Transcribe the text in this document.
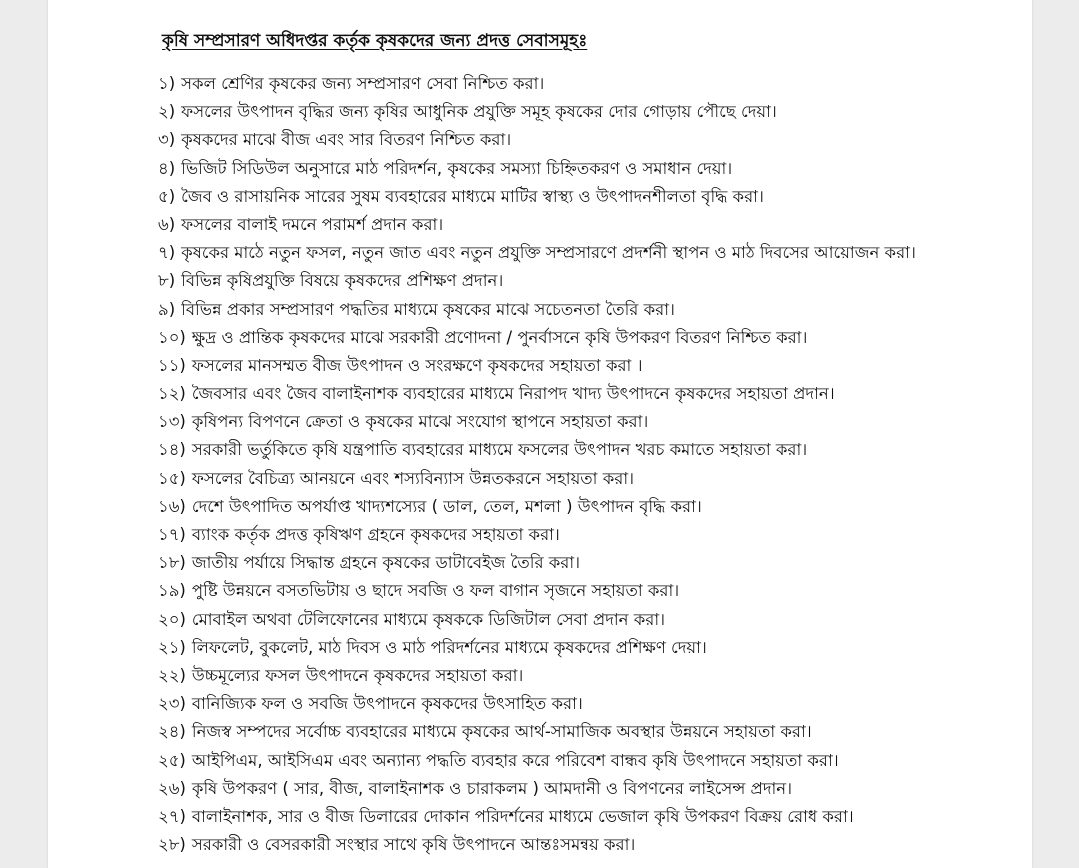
কৃষি সম্প্রসারণ অধিদপ্তর কর্তৃক কৃষকদের জন্য প্রদত্ত সেবাসমূহঃ
১) সকল শ্রেণির কৃষকের জন্য সম্প্রসারণ সেবা নিশ্চিত করা।
২) ফসলের উৎপাদন বৃদ্ধির জন্য কৃষির আধুনিক প্রযুক্তি সমূহ কৃষকের দোর গোড়ায় পৌছে দেয়া।
৩) কৃষকদের মাঝে বীজ এবং সার বিতরণ নিশ্চিত করা।
৪) ভিজিট সিডিউল অনুসারে মাঠ পরিদর্শন, কৃষকের সমস্যা চিহ্নিতকরণ ও সমাধান দেয়া।
৫) জৈব ও রাসায়নিক সারের সুষম ব্যবহারের মাধ্যমে মাটির স্বাস্থ্য ও উৎপাদনশীলতা বৃদ্ধি করা।
৬) ফসলের বালাই দমনে পরামর্শ প্রদান করা।
৭) কৃষকের মাঠে নতুন ফসল, নতুন জাত এবং নতুন প্রযুক্তি সম্প্রসারণে প্রদর্শনী স্থাপন ও মাঠ দিবসের আয়োজন করা।
৮) বিভিন্ন কৃষিপ্রযুক্তি বিষয়ে কৃষকদের প্রশিক্ষণ প্রদান।
৯) বিভিন্ন প্রকার সম্প্রসারণ পদ্ধতির মাধ্যমে কৃষকের মাঝে সচেতনতা তৈরি করা।
১০) ক্ষুদ্র ও প্রান্তিক কৃষকদের মাঝে সরকারী প্রণোদনা / পুনর্বাসনে কৃষি উপকরণ বিতরণ নিশ্চিত করা।
১১) ফসলের মানসম্মত বীজ উৎপাদন ও সংরক্ষণে কৃষকদের সহায়তা করা ।
১২) জৈবসার এবং জৈব বালাইনাশক ব্যবহারের মাধ্যমে নিরাপদ খাদ্য উৎপাদনে কৃষকদের সহায়তা প্রদান।
১৩) কৃষিপন্য বিপণনে ক্রেতা ও কৃষকের মাঝে সংযোগ স্থাপনে সহায়তা করা।
১৪) সরকারী ভর্তুকিতে কৃষি যন্ত্রপাতি ব্যবহারের মাধ্যমে ফসলের উৎপাদন খরচ কমাতে সহায়তা করা।
১৫) ফসলের বৈচিত্র্য আনয়নে এবং শস্যবিন্যাস উন্নতকরনে সহায়তা করা।
১৬) দেশে উৎপাদিত অপর্যাপ্ত খাদ্যশস্যের ( ডাল, তেল, মশলা ) উৎপাদন বৃদ্ধি করা।
১৭) ব্যাংক কর্তৃক প্রদত্ত কৃষিঋণ গ্রহনে কৃষকদের সহায়তা করা।
১৮) জাতীয় পর্যায়ে সিদ্ধান্ত গ্রহনে কৃষকের ডাটাবেইজ তৈরি করা।
১৯) পুষ্টি উন্নয়নে বসতভিটায় ও ছাদে সবজি ও ফল বাগান সৃজনে সহায়তা করা।
২০) মোবাইল অথবা টেলিফোনের মাধ্যমে কৃষককে ডিজিটাল সেবা প্রদান করা।
২১) লিফলেট, বুকলেট, মাঠ দিবস ও মাঠ পরিদর্শনের মাধ্যমে কৃষকদের প্রশিক্ষণ দেয়া।
২২) উচ্চমূল্যের ফসল উৎপাদনে কৃষকদের সহায়তা করা।
২৩) বানিজ্যিক ফল ও সবজি উৎপাদনে কৃষকদের উৎসাহিত করা।
২৪) নিজস্ব সম্পদের সর্বোচ্চ ব্যবহারের মাধ্যমে কৃষকের আর্থ-সামাজিক অবস্থার উন্নয়নে সহায়তা করা।
২৫) আইপিএম, আইসিএম এবং অন্যান্য পদ্ধতি ব্যবহার করে পরিবেশ বান্ধব কৃষি উৎপাদনে সহায়তা করা।
২৬) কৃষি উপকরণ ( সার, বীজ, বালাইনাশক ও চারাকলম ) আমদানী ও বিপণনের লাইসেন্স প্রদান।
২৭) বালাইনাশক, সার ও বীজ ডিলারের দোকান পরিদর্শনের মাধ্যমে ভেজাল কৃষি উপকরণ বিক্রয় রোধ করা।
২৮) সরকারী ও বেসরকারী সংস্থার সাথে কৃষি উৎপাদনে আন্তঃসমন্বয় করা।
